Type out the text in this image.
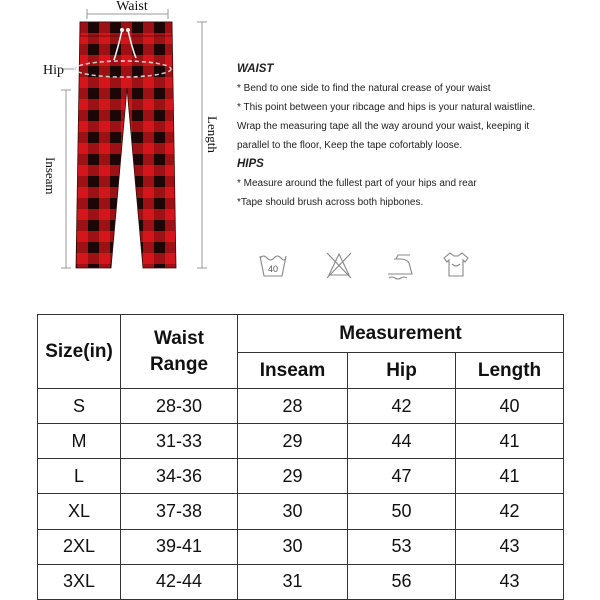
Waist
Hip
Inseam
Length
WAIST
* Bend to one side to find the natural crease of your waist
* This point between your ribcage and hips is your natural waistline.
Wrap the measuring tape all the way around your waist, keeping it
parallel to the floor, Keep the tape cofortably loose.
HIPS
* Measure around the fullest part of your hips and rear
*Tape should brush across both hipbones.
40
Size(in)	Waist Range	Measurement		
		Inseam	Hip	Length
S	28-30	28	42	40
M	31-33	29	44	41
L	34-36	29	47	41
XL	37-38	30	50	42
2XL	39-41	30	53	43
3XL	42-44	31	56	43
